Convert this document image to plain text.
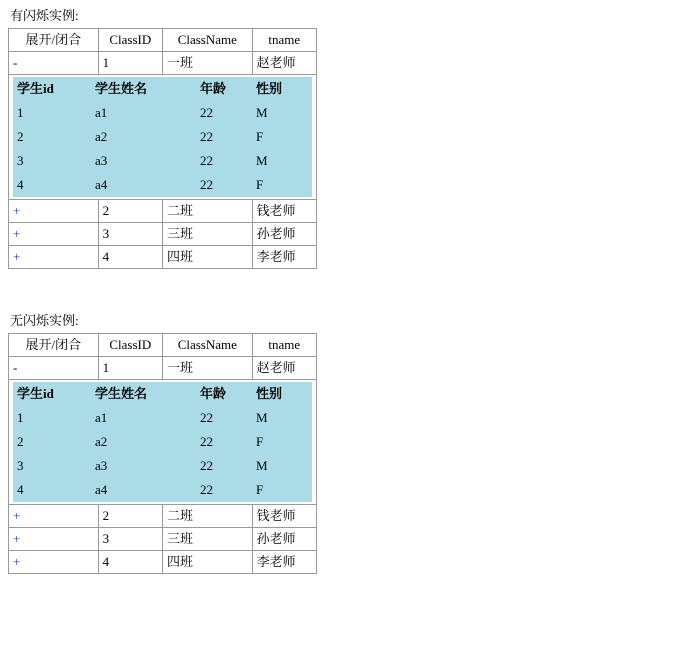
有闪烁实例:
展开/闭合	ClassID	ClassName	tname
-	1	一班	赵老师

学生id	学生姓名	年龄	性别
1	a1	22	M
2	a2	22	F
3	a3	22	M
4	a4	22	F

+	2	二班	钱老师
+	3	三班	孙老师
+	4	四班	李老师
无闪烁实例:
展开/闭合	ClassID	ClassName	tname
-	1	一班	赵老师

学生id	学生姓名	年龄	性别
1	a1	22	M
2	a2	22	F
3	a3	22	M
4	a4	22	F

+	2	二班	钱老师
+	3	三班	孙老师
+	4	四班	李老师
